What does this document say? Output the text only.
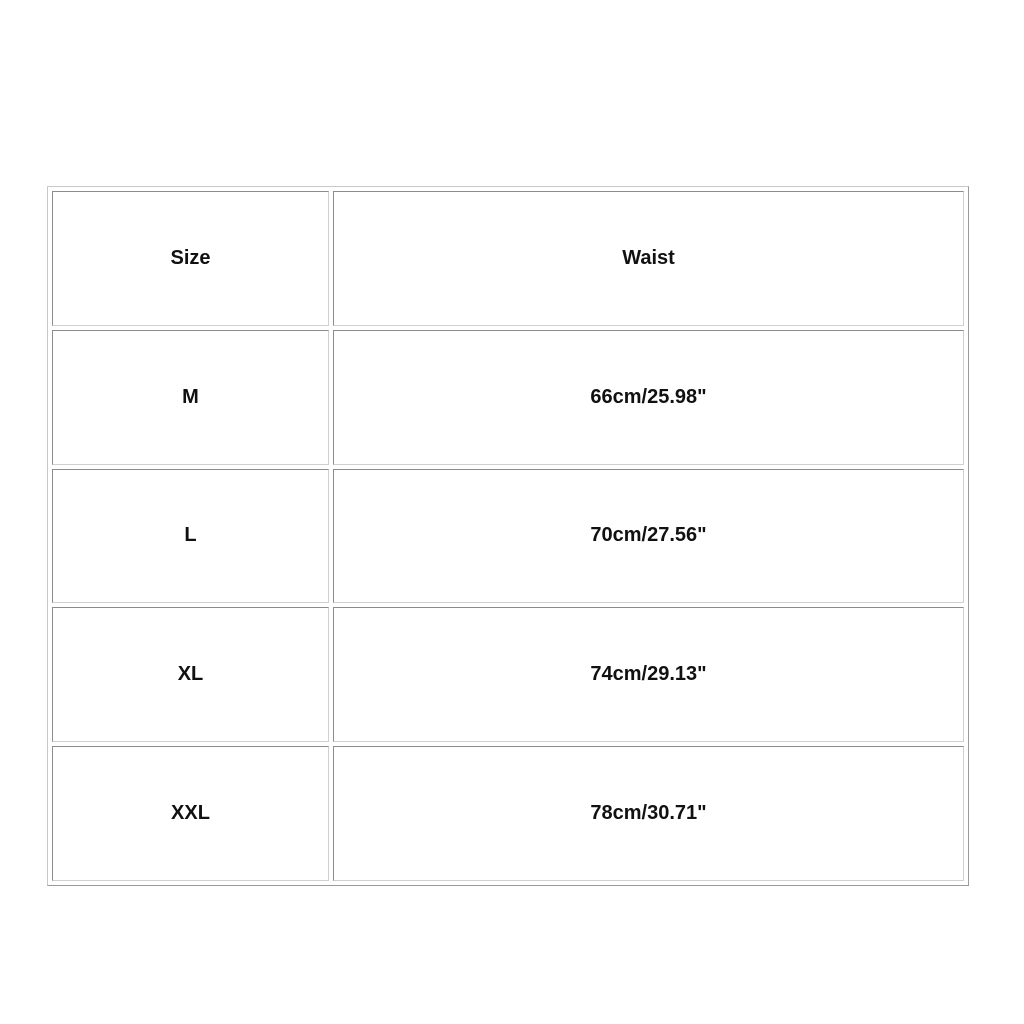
Size	Waist
M	66cm/25.98"
L	70cm/27.56"
XL	74cm/29.13"
XXL	78cm/30.71"
